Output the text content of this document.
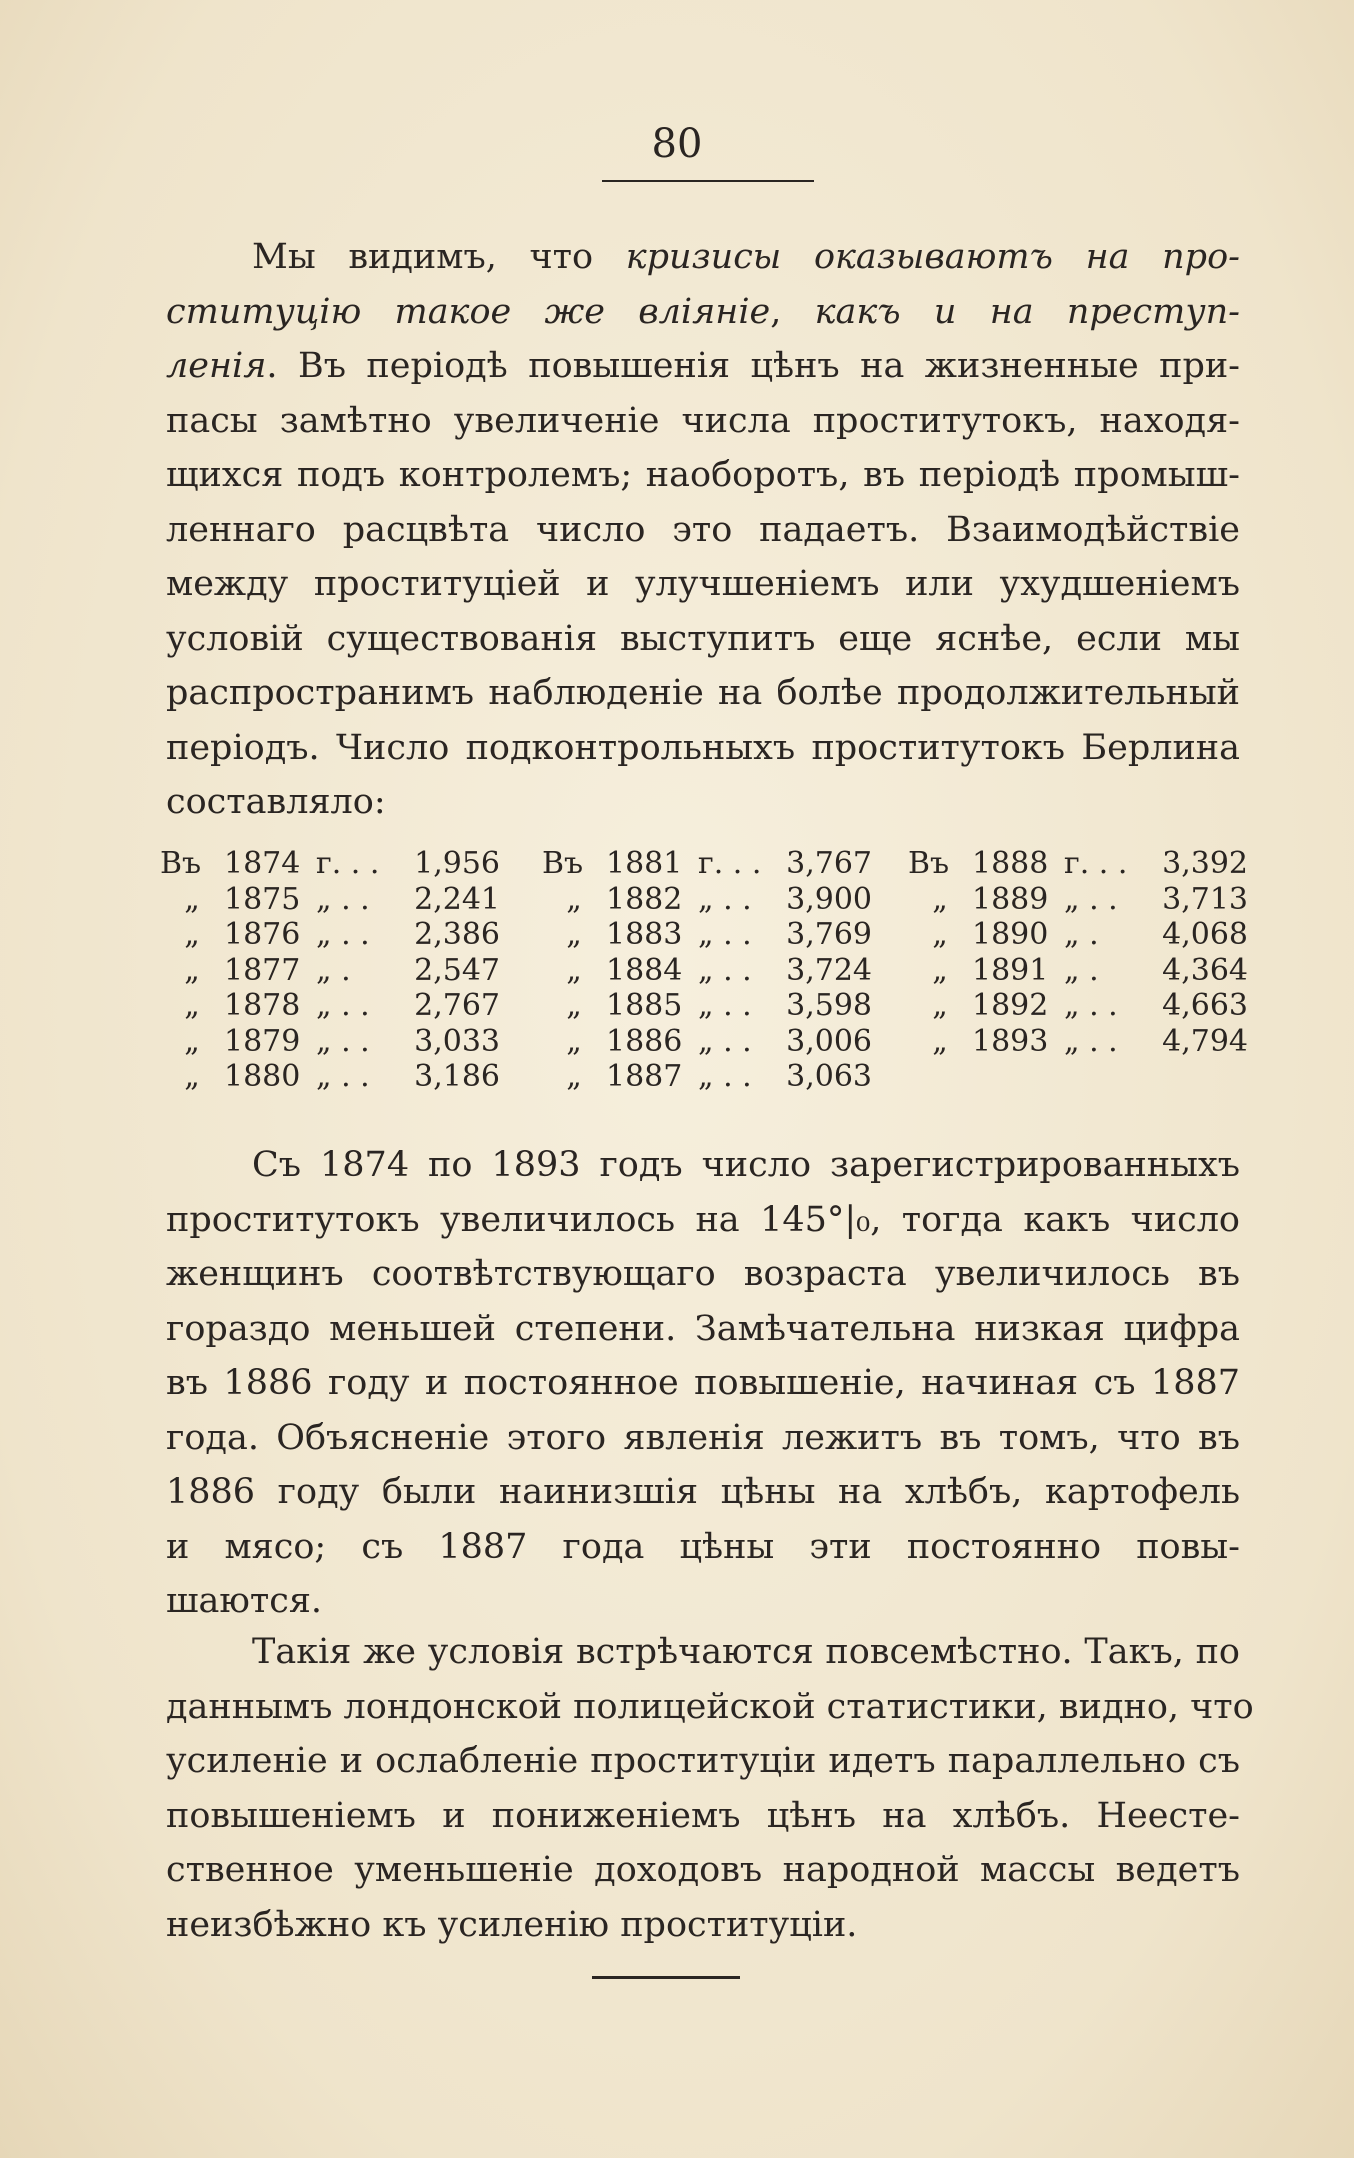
80
Мы видимъ, что кризисы оказываютъ на про-
ституцію такое же вліяніе, какъ и на преступ-
ленія. Въ періодѣ повышенія цѣнъ на жизненные при-
пасы замѣтно увеличеніе числа проститутокъ, находя-
щихся подъ контролемъ; наоборотъ, въ періодѣ промыш-
леннаго расцвѣта число это падаетъ. Взаимодѣйствіе
между проституціей и улучшеніемъ или ухудшеніемъ
условій существованія выступитъ еще яснѣе, если мы
распространимъ наблюденіе на болѣе продолжительный
періодъ. Число подконтрольныхъ проститутокъ Берлина
составляло:
Въ 1874 г. . . 1,956
„ 1875 „ . . 2,241
„ 1876 „ . . 2,386
„ 1877 „ . 2,547
„ 1878 „ . . 2,767
„ 1879 „ . . 3,033
„ 1880 „ . . 3,186
Въ 1881 г. . . 3,767
„ 1882 „ . . 3,900
„ 1883 „ . . 3,769
„ 1884 „ . . 3,724
„ 1885 „ . . 3,598
„ 1886 „ . . 3,006
„ 1887 „ . . 3,063
Въ 1888 г. . . 3,392
„ 1889 „ . . 3,713
„ 1890 „ . 4,068
„ 1891 „ . 4,364
„ 1892 „ . . 4,663
„ 1893 „ . . 4,794
Съ 1874 по 1893 годъ число зарегистрированныхъ
проститутокъ увеличилось на 145°|₀, тогда какъ число
женщинъ соотвѣтствующаго возраста увеличилось въ
гораздо меньшей степени. Замѣчательна низкая цифра
въ 1886 году и постоянное повышеніе, начиная съ 1887
года. Объясненіе этого явленія лежитъ въ томъ, что въ
1886 году были наинизшія цѣны на хлѣбъ, картофель
и мясо; съ 1887 года цѣны эти постоянно повы-
шаются.
Такія же условія встрѣчаются повсемѣстно. Такъ, по
даннымъ лондонской полицейской статистики, видно, что
усиленіе и ослабленіе проституціи идетъ параллельно съ
повышеніемъ и пониженіемъ цѣнъ на хлѣбъ. Неесте-
ственное уменьшеніе доходовъ народной массы ведетъ
неизбѣжно къ усиленію проституціи.
